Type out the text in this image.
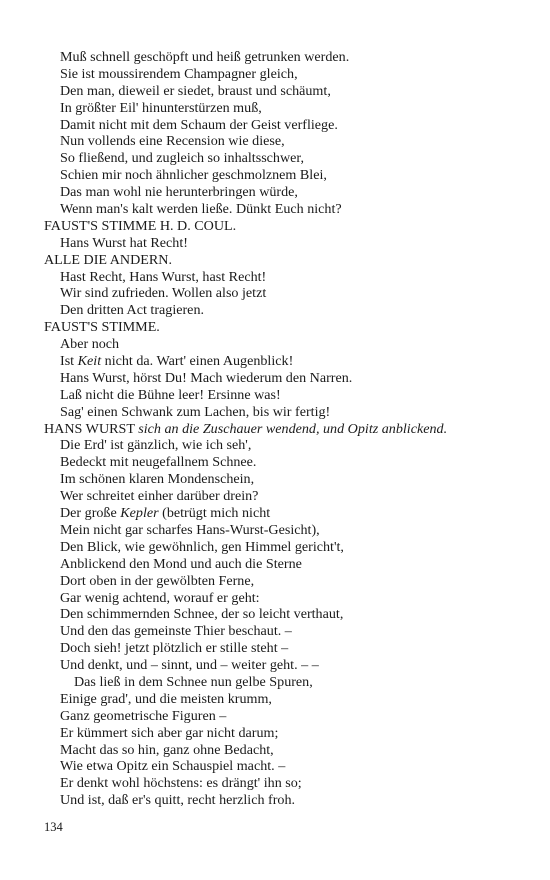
Muß schnell geschöpft und heiß getrunken werden.
Sie ist moussirendem Champagner gleich,
Den man, dieweil er siedet, braust und schäumt,
In größter Eil' hinunterstürzen muß,
Damit nicht mit dem Schaum der Geist verfliege.
Nun vollends eine Recension wie diese,
So fließend, und zugleich so inhaltsschwer,
Schien mir noch ähnlicher geschmolznem Blei,
Das man wohl nie herunterbringen würde,
Wenn man's kalt werden ließe. Dünkt Euch nicht?
FAUST'S STIMME H. D. COUL.
Hans Wurst hat Recht!
ALLE DIE ANDERN.
Hast Recht, Hans Wurst, hast Recht!
Wir sind zufrieden. Wollen also jetzt
Den dritten Act tragieren.
FAUST'S STIMME.
Aber noch
Ist Keit nicht da. Wart' einen Augenblick!
Hans Wurst, hörst Du! Mach wiederum den Narren.
Laß nicht die Bühne leer! Ersinne was!
Sag' einen Schwank zum Lachen, bis wir fertig!
HANS WURST sich an die Zuschauer wendend, und Opitz anblickend.
Die Erd' ist gänzlich, wie ich seh',
Bedeckt mit neugefallnem Schnee.
Im schönen klaren Mondenschein,
Wer schreitet einher darüber drein?
Der große Kepler (betrügt mich nicht
Mein nicht gar scharfes Hans-Wurst-Gesicht),
Den Blick, wie gewöhnlich, gen Himmel gericht't,
Anblickend den Mond und auch die Sterne
Dort oben in der gewölbten Ferne,
Gar wenig achtend, worauf er geht:
Den schimmernden Schnee, der so leicht verthaut,
Und den das gemeinste Thier beschaut. –
Doch sieh! jetzt plötzlich er stille steht –
Und denkt, und – sinnt, und – weiter geht. – –
Das ließ in dem Schnee nun gelbe Spuren,
Einige grad', und die meisten krumm,
Ganz geometrische Figuren –
Er kümmert sich aber gar nicht darum;
Macht das so hin, ganz ohne Bedacht,
Wie etwa Opitz ein Schauspiel macht. –
Er denkt wohl höchstens: es drängt' ihn so;
Und ist, daß er's quitt, recht herzlich froh.
134
